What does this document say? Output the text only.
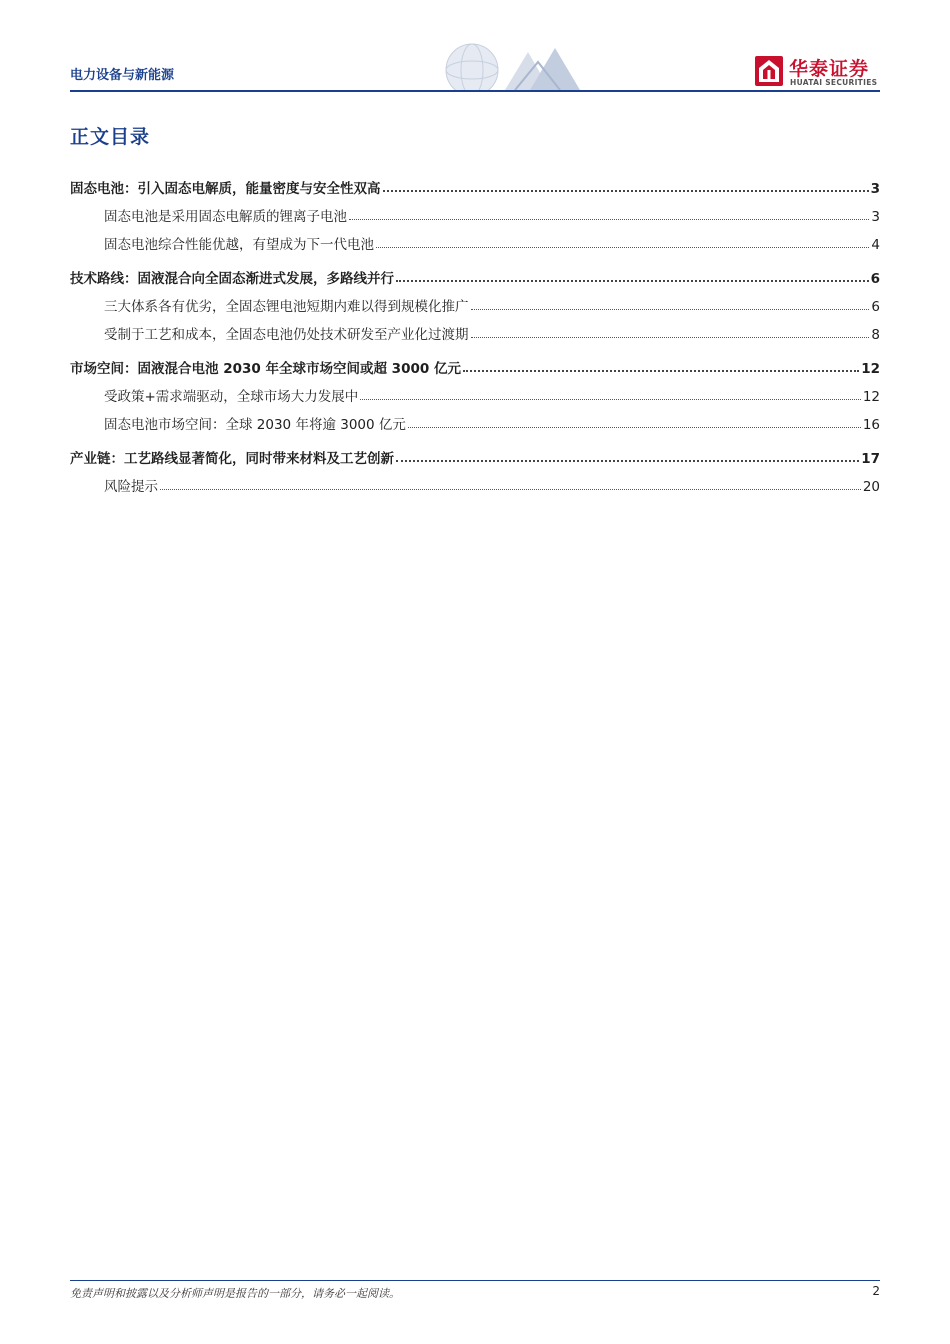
电力设备与新能源	华泰证券
HUATAI SECURITIES
正文目录
固态电池：引入固态电解质，能量密度与安全性双高	3
固态电池是采用固态电解质的锂离子电池	3
固态电池综合性能优越，有望成为下一代电池	4
技术路线：固液混合向全固态渐进式发展，多路线并行	6
三大体系各有优劣，全固态锂电池短期内难以得到规模化推广	6
受制于工艺和成本，全固态电池仍处技术研发至产业化过渡期	8
市场空间：固液混合电池 2030 年全球市场空间或超 3000 亿元	12
受政策+需求端驱动，全球市场大力发展中	12
固态电池市场空间：全球 2030 年将逾 3000 亿元	16
产业链：工艺路线显著简化，同时带来材料及工艺创新	17
风险提示	20
免责声明和披露以及分析师声明是报告的一部分，请务必一起阅读。	2
